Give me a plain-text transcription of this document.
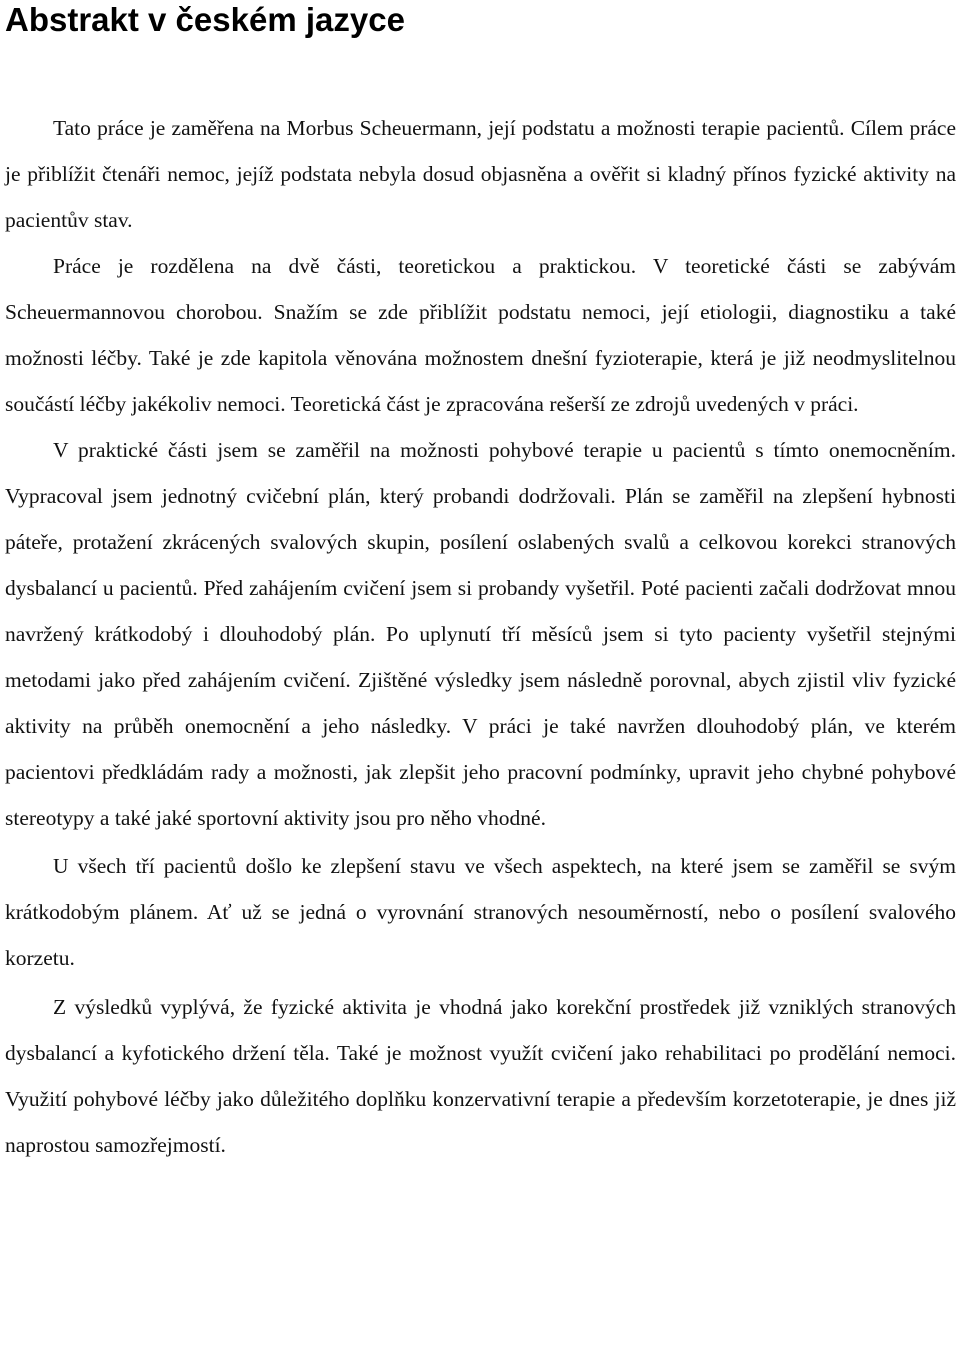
Abstrakt v českém jazyce

Tato práce je zaměřena na Morbus Scheuermann, její podstatu a možnosti terapie pacientů. Cílem práce je přiblížit čtenáři nemoc, jejíž podstata nebyla dosud objasněna a ověřit si kladný přínos fyzické aktivity na pacientův stav.

Práce je rozdělena na dvě části, teoretickou a praktickou. V teoretické části se zabývám Scheuermannovou chorobou. Snažím se zde přiblížit podstatu nemoci, její etiologii, diagnostiku a také možnosti léčby. Také je zde kapitola věnována možnostem dnešní fyzioterapie, která je již neodmyslitelnou součástí léčby jakékoliv nemoci. Teoretická část je zpracována rešerší ze zdrojů uvedených v práci.

V praktické části jsem se zaměřil na možnosti pohybové terapie u pacientů s tímto onemocněním. Vypracoval jsem jednotný cvičební plán, který probandi dodržovali. Plán se zaměřil na zlepšení hybnosti páteře, protažení zkrácených svalových skupin, posílení oslabených svalů a celkovou korekci stranových dysbalancí u pacientů. Před zahájením cvičení jsem si probandy vyšetřil. Poté pacienti začali dodržovat mnou navržený krátkodobý i dlouhodobý plán. Po uplynutí tří měsíců jsem si tyto pacienty vyšetřil stejnými metodami jako před zahájením cvičení. Zjištěné výsledky jsem následně porovnal, abych zjistil vliv fyzické aktivity na průběh onemocnění a jeho následky. V práci je také navržen dlouhodobý plán, ve kterém pacientovi předkládám rady a možnosti, jak zlepšit jeho pracovní podmínky, upravit jeho chybné pohybové stereotypy a také jaké sportovní aktivity jsou pro něho vhodné.

U všech tří pacientů došlo ke zlepšení stavu ve všech aspektech, na které jsem se zaměřil se svým krátkodobým plánem. Ať už se jedná o vyrovnání stranových nesouměrností, nebo o posílení svalového korzetu.

Z výsledků vyplývá, že fyzické aktivita je vhodná jako korekční prostředek již vzniklých stranových dysbalancí a kyfotického držení těla. Také je možnost využít cvičení jako rehabilitaci po prodělání nemoci. Využití pohybové léčby jako důležitého doplňku konzervativní terapie a především korzetoterapie, je dnes již naprostou samozřejmostí.
